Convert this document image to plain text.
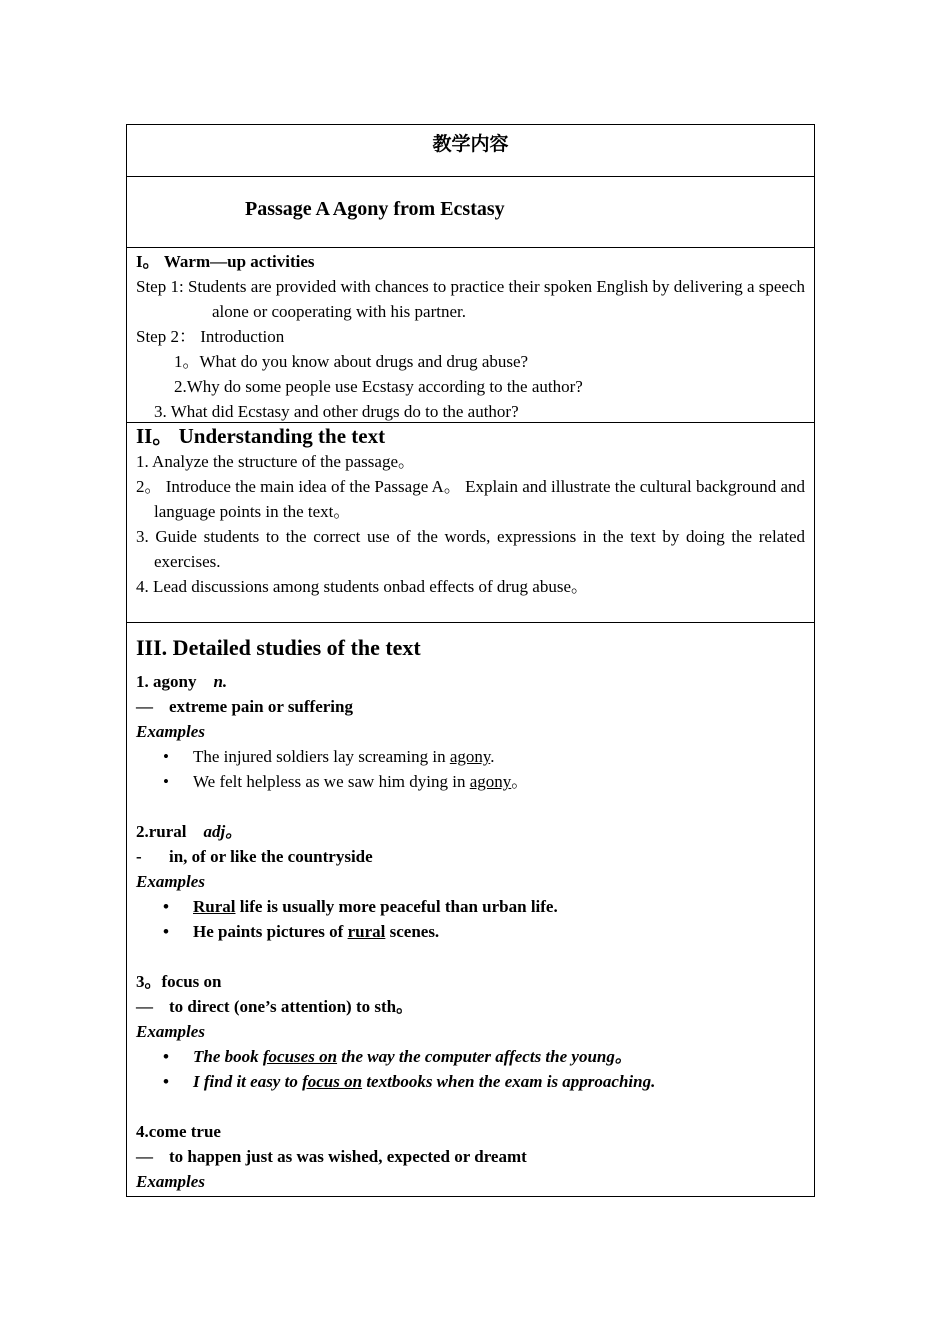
教学内容
Passage A Agony from Ecstasy
I。 Warm—up activities
Step 1: Students are provided with chances to practice their spoken English by delivering a speech alone or cooperating with his partner.
Step 2： Introduction
1。What do you know about drugs and drug abuse?
2.Why do some people use Ecstasy according to the author?
3. What did Ecstasy and other drugs do to the author?
II。 Understanding the text
1. Analyze the structure of the passage。
2。 Introduce the main idea of the Passage A。 Explain and illustrate the cultural background and language points in the text。
3. Guide students to the correct use of the words, expressions in the text by doing the related exercises.
4. Lead discussions among students onbad effects of drug abuse。
III. Detailed studies of the text
1. agony n.
— extreme pain or suffering
Examples
• The injured soldiers lay screaming in agony.
• We felt helpless as we saw him dying in agony。
2.rural adj。
- in, of or like the countryside
Examples
• Rural life is usually more peaceful than urban life.
• He paints pictures of rural scenes.
3。focus on
— to direct (one’s attention) to sth。
Examples
• The book focuses on the way the computer affects the young。
• I find it easy to focus on textbooks when the exam is approaching.
4.come true
— to happen just as was wished, expected or dreamt
Examples
